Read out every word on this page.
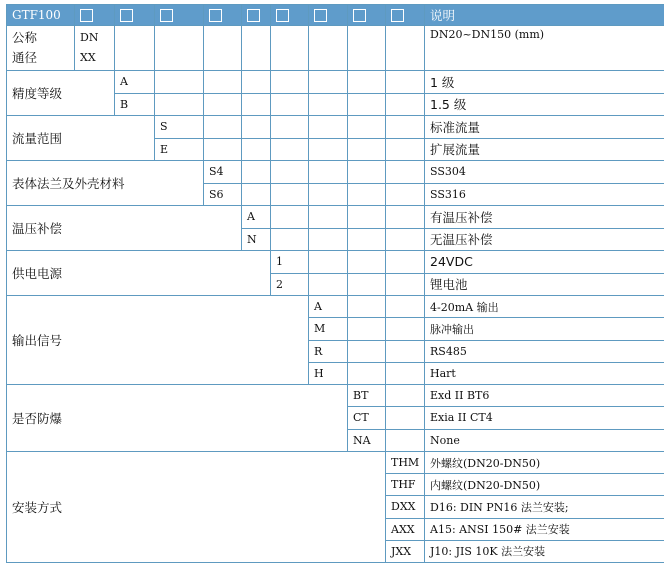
GTF100	说明
公称
通径
DN
XX
DN20~DN150 (mm)
精度等级
A
B
1 级
1.5 级
流量范围
S
E
标准流量
扩展流量
表体法兰及外壳材料
S4
S6
SS304
SS316
温压补偿
A
N
有温压补偿
无温压补偿
供电电源
1
2
24VDC
锂电池
输出信号
A
M
R
H
4-20mA 输出
脉冲输出
RS485
Hart
是否防爆
BT
CT
NA
Exd II BT6
Exia II CT4
None
安装方式
THM
THF
DXX
AXX
JXX
外螺纹(DN20-DN50)
内螺纹(DN20-DN50)
D16: DIN PN16 法兰安装;
A15: ANSI 150# 法兰安装
J10: JIS 10K 法兰安装
